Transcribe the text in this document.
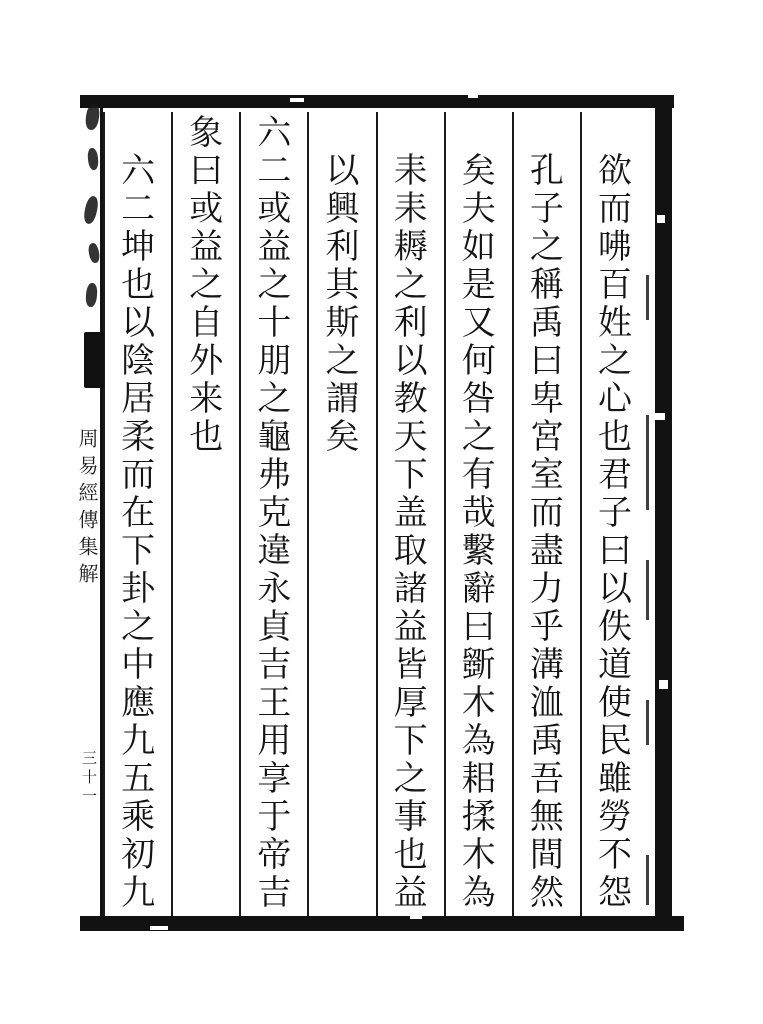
欲
而
咈
百
姓
之
心
也
君
子
曰
以
佚
道
使
民
雖
勞
不
怨
孔
子
之
稱
禹
曰
卑
宮
室
而
盡
力
乎
溝
洫
禹
吾
無
間
然
矣
夫
如
是
又
何
咎
之
有
哉
繫
辭
曰
斵
木
為
耜
揉
木
為
耒
耒
耨
之
利
以
教
天
下
盖
取
諸
益
皆
厚
下
之
事
也
益
以
興
利
其
斯
之
謂
矣
六
二
或
益
之
十
朋
之
龜
弗
克
違
永
貞
吉
王
用
享
于
帝
吉
象
曰
或
益
之
自
外
来
也
六
二
坤
也
以
陰
居
柔
而
在
下
卦
之
中
應
九
五
乘
初
九
周易經傳集解
三十一
